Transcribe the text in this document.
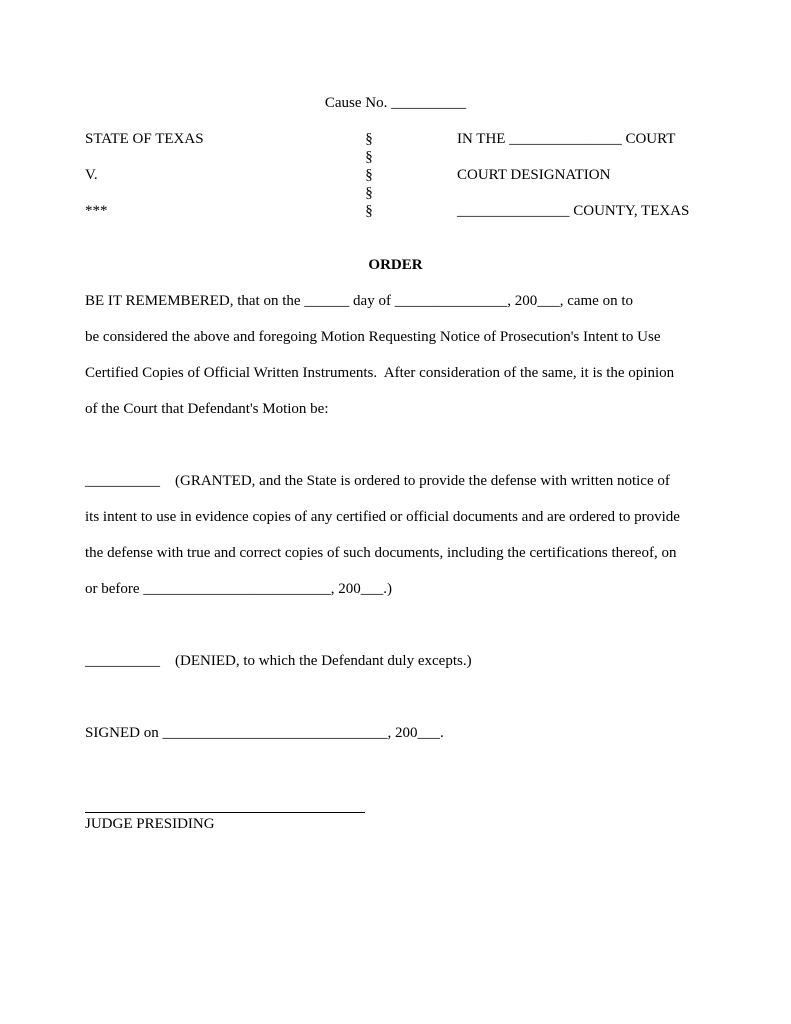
Cause No. __________
STATE OF TEXAS
V.
***
§
§
§
§
§
IN THE _______________ COURT
COURT DESIGNATION
_______________ COUNTY, TEXAS
ORDER
BE IT REMEMBERED, that on the ______ day of _______________, 200___, came on to
be considered the above and foregoing Motion Requesting Notice of Prosecution's Intent to Use
Certified Copies of Official Written Instruments.  After consideration of the same, it is the opinion
of the Court that Defendant's Motion be:
__________    (GRANTED, and the State is ordered to provide the defense with written notice of
its intent to use in evidence copies of any certified or official documents and are ordered to provide
the defense with true and correct copies of such documents, including the certifications thereof, on
or before _________________________, 200___.)
__________    (DENIED, to which the Defendant duly excepts.)
SIGNED on ______________________________, 200___.
JUDGE PRESIDING
